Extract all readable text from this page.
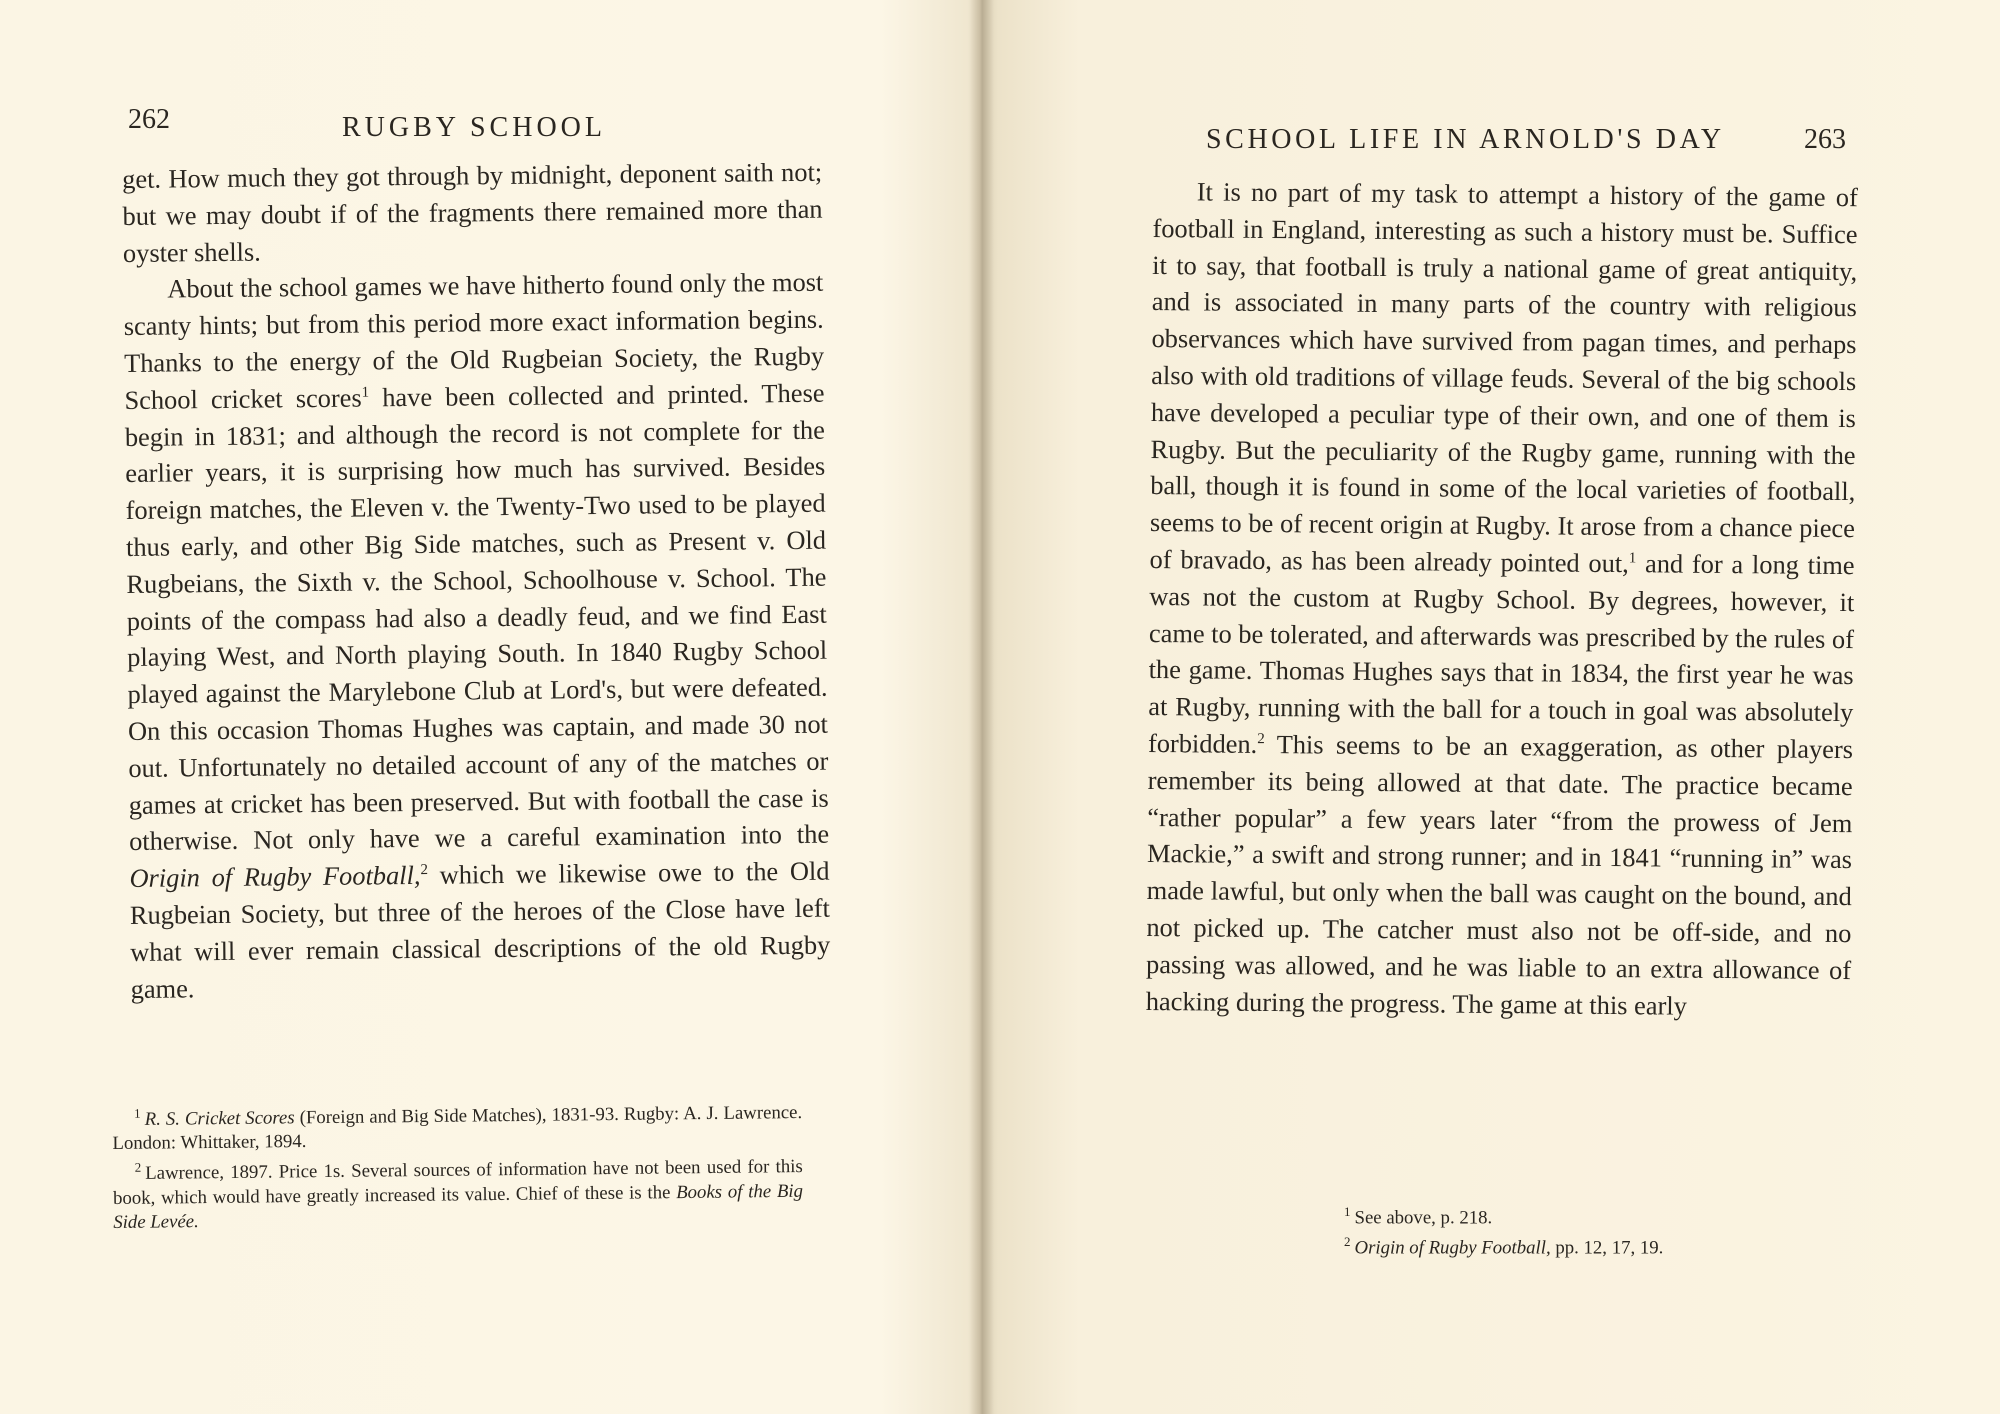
262	RUGBY SCHOOL

get. How much they got through by midnight, deponent saith not; but we may doubt if of the fragments there remained more than oyster shells.

About the school games we have hitherto found only the most scanty hints; but from this period more exact information begins. Thanks to the energy of the Old Rugbeian Society, the Rugby School cricket scores$^1$ have been collected and printed. These begin in 1831; and although the record is not complete for the earlier years, it is surprising how much has survived. Besides foreign matches, the Eleven v. the Twenty-Two used to be played thus early, and other Big Side matches, such as Present v. Old Rugbeians, the Sixth v. the School, Schoolhouse v. School. The points of the compass had also a deadly feud, and we find East playing West, and North playing South. In 1840 Rugby School played against the Marylebone Club at Lord's, but were defeated. On this occasion Thomas Hughes was captain, and made 30 not out. Unfortunately no detailed account of any of the matches or games at cricket has been preserved. But with football the case is otherwise. Not only have we a careful examination into the Origin of Rugby Football,$^2$ which we likewise owe to the Old Rugbeian Society, but three of the heroes of the Close have left what will ever remain classical descriptions of the old Rugby game.

$^1$ R. S. Cricket Scores (Foreign and Big Side Matches), 1831-93. Rugby: A. J. Lawrence. London: Whittaker, 1894.

$^2$ Lawrence, 1897. Price 1s. Several sources of information have not been used for this book, which would have greatly increased its value. Chief of these is the Books of the Big Side Levée.

SCHOOL LIFE IN ARNOLD'S DAY	263

It is no part of my task to attempt a history of the game of football in England, interesting as such a history must be. Suffice it to say, that football is truly a national game of great antiquity, and is associated in many parts of the country with religious observances which have survived from pagan times, and perhaps also with old traditions of village feuds. Several of the big schools have developed a peculiar type of their own, and one of them is Rugby. But the peculiarity of the Rugby game, running with the ball, though it is found in some of the local varieties of football, seems to be of recent origin at Rugby. It arose from a chance piece of bravado, as has been already pointed out,$^1$ and for a long time was not the custom at Rugby School. By degrees, however, it came to be tolerated, and afterwards was prescribed by the rules of the game. Thomas Hughes says that in 1834, the first year he was at Rugby, running with the ball for a touch in goal was absolutely forbidden.$^2$ This seems to be an exaggeration, as other players remember its being allowed at that date. The practice became “rather popular” a few years later “from the prowess of Jem Mackie,” a swift and strong runner; and in 1841 “running in” was made lawful, but only when the ball was caught on the bound, and not picked up. The catcher must also not be off-side, and no passing was allowed, and he was liable to an extra allowance of hacking during the progress. The game at this early

$^1$ See above, p. 218.

$^2$ Origin of Rugby Football, pp. 12, 17, 19.
